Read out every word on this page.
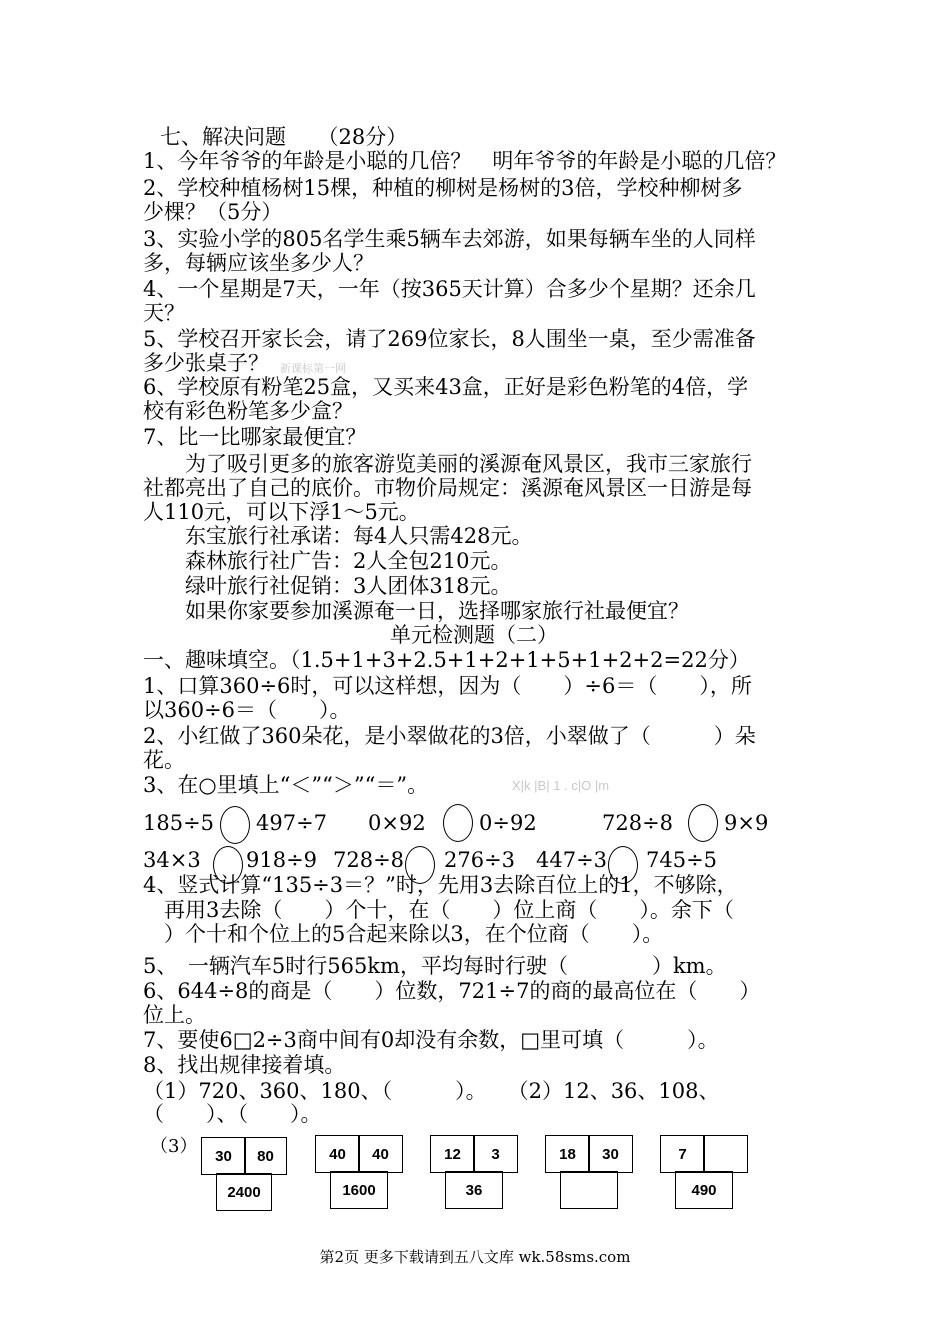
七、解决问题　　（28分）
1、今年爷爷的年龄是小聪的几倍？　明年爷爷的年龄是小聪的几倍？
2、学校种植杨树15棵，种植的柳树是杨树的3倍，学校种柳树多
少棵？（5分）
3、实验小学的805名学生乘5辆车去郊游，如果每辆车坐的人同样
多，每辆应该坐多少人？
4、一个星期是7天，一年（按365天计算）合多少个星期？还余几
天？
5、学校召开家长会，请了269位家长，8人围坐一桌，至少需准备
多少张桌子？ 新课标第一网
6、学校原有粉笔25盒，又买来43盒，正好是彩色粉笔的4倍，学
校有彩色粉笔多少盒？
7、比一比哪家最便宜？
　　为了吸引更多的旅客游览美丽的溪源奄风景区，我市三家旅行
社都亮出了自己的底价。市物价局规定：溪源奄风景区一日游是每
人110元，可以下浮1～5元。
　　东宝旅行社承诺：每4人只需428元。
　　森林旅行社广告：2人全包210元。
　　绿叶旅行社促销：3人团体318元。
　　如果你家要参加溪源奄一日，选择哪家旅行社最便宜？
单元检测题（二）
一、趣味填空。（1.5+1+3+2.5+1+2+1+5+1+2+2=22分）
1、口算360÷6时，可以这样想，因为（　　）÷6＝（　　），所
以360÷6＝（　　）。
2、小红做了360朵花，是小翠做花的3倍，小翠做了（　　　）朵
花。
3、在○里填上“＜”“＞”“＝”。	X|k |B| 1 . c|O |m
185÷5 497÷7 0×92	0÷92	728÷8 9×9
34×3 918÷9 728÷8 276÷3 447÷3 745÷5
4、竖式计算“135÷3＝？”时，先用3去除百位上的1，不够除，
再用3去除（　　）个十，在（　　）位上商（　　）。余下（
　）个十和个位上的5合起来除以3，在个位商（　　）。
5、　一辆汽车5时行565km，平均每时行驶（　　　　）km。
6、644÷8的商是（　　）位数，721÷7的商的最高位在（　　）
位上。
7、要使6□2÷3商中间有0却没有余数，□里可填（　　　）。
8、找出规律接着填。
（1）720、360、180、（　　　）。　　（2）12、36、108、
（　　）、（　　）。
（3）	30	80
2400
40	40
1600
12	3
36
18	30	7
490
第2页 更多下载请到五八文库 wk.58sms.com
